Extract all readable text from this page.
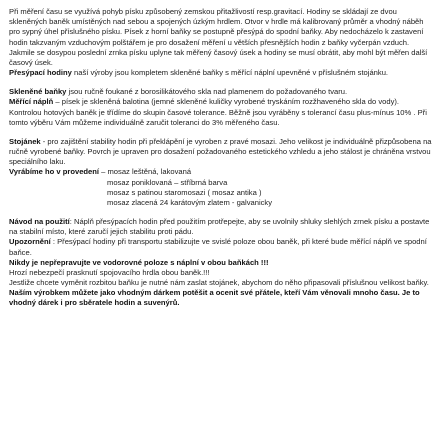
Při měření času se využívá pohyb písku způsobený zemskou přitažlivostí resp.gravitací. Hodiny se skládají ze dvou skleněných baněk umístěných nad sebou a spojených úzkým hrdlem. Otvor v hrdle má kalibrovaný průměr a vhodný náběh pro sypný úhel příslušného písku. Písek z horní baňky se postupně přesýpá do spodní baňky. Aby nedocházelo k zastavení hodin takzvaným vzduchovým polštářem je pro dosažení měření u větších přesnějších hodin z baňky vyčerpán vzduch. Jakmile se dosypou poslední zrnka písku uplyne tak měřený časový úsek a hodiny se musí obrátit, aby mohl být měřen další časový úsek.
Přesýpací hodiny naší výroby jsou kompletem skleněné baňky s měřící náplní upevněné v příslušném stojánku.

Skleněné baňky jsou ručně foukané z borosilikátového skla nad plamenem do požadovaného tvaru.

Měřící náplň – písek je skleněná balotina (jemné skleněné kuličky vyrobené tryskáním rozžhaveného skla do vody). Kontrolou hotových baněk je třídíme do skupin časové tolerance. Běžně jsou vyráběny s tolerancí času plus-mínus 10% . Při tomto výběru Vám můžeme individuálně zaručit toleranci do 3% měřeného času.

Stojánek - pro zajištění stability hodin při překlápění je vyroben z pravé mosazi. Jeho velikost je individuálně přizpůsobena na ručně vyrobené baňky. Povrch je upraven pro dosažení požadovaného estetického vzhledu a jeho stálost je chráněna vrstvou speciálního laku.

Vyrábíme ho v provedení – mosaz leštěná, lakovaná

mosaz poniklovaná – stříbrná barva

mosaz s patinou staromosazi ( mosaz antika )

mosaz zlacená 24 karátovým zlatem - galvanicky

Návod na použití: Náplň přesýpacích hodin před použitím protřepejte, aby se uvolnily shluky slehlých zrnek písku a postavte na stabilní místo, které zaručí jejich stabilitu proti pádu.

Upozornění : Přesýpací hodiny při transportu stabilizujte ve svislé poloze obou baněk, při které bude měřící náplň ve spodní baňce.

Nikdy je nepřepravujte ve vodorovné poloze s náplní v obou baňkách !!!

Hrozí nebezpečí prasknutí spojovacího hrdla obou baněk.!!!

Jestliže chcete vyměnit rozbitou baňku je nutné nám zaslat stojánek, abychom do něho připasovali příslušnou velikost baňky.

Naším výrobkem můžete jako vhodným dárkem potěšit a ocenit své přátele, kteří Vám věnovali mnoho času. Je to vhodný dárek i pro sběratele hodin a suvenýrů.
